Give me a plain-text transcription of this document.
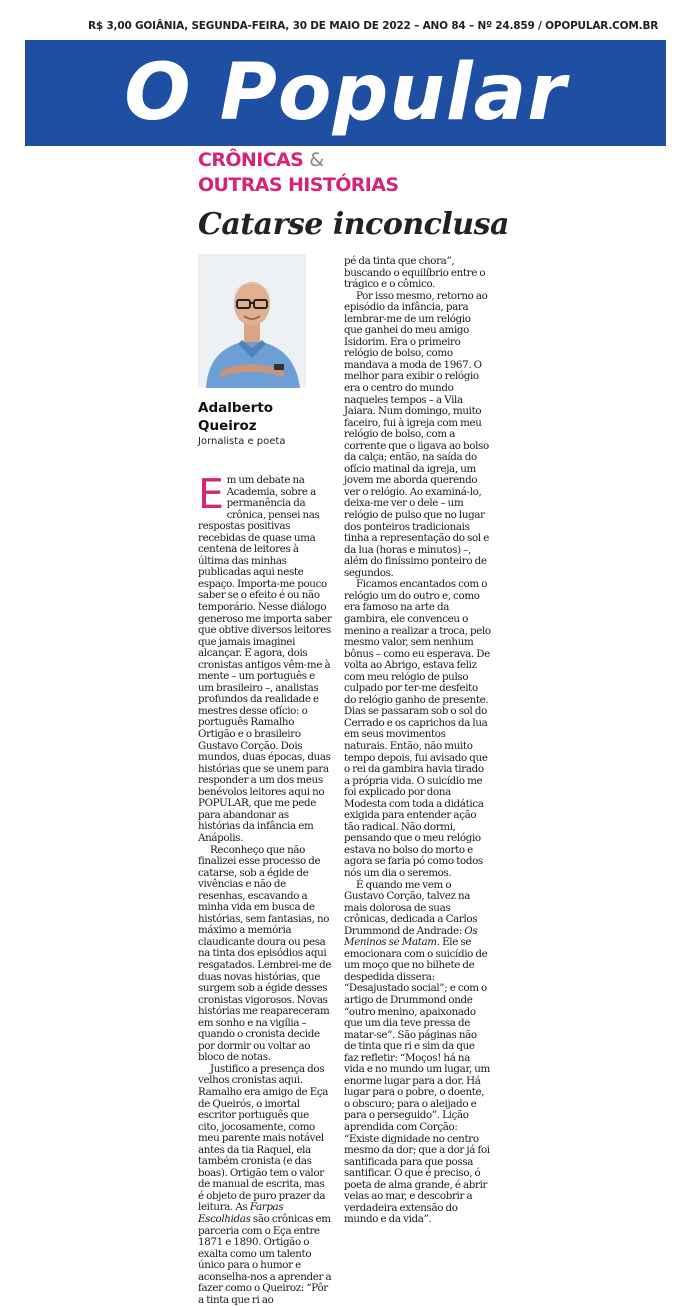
R$ 3,00 GOIÂNIA, SEGUNDA-FEIRA, 30 DE MAIO DE 2022 – ANO 84 – Nº 24.859 / OPOPULAR.COM.BR
O Popular
CRÔNICAS &
OUTRAS HISTÓRIAS
Catarse inconclusa
Adalberto
Queiroz
Jornalista e poeta

Em um debate na Academia, sobre a permanência da crônica, pensei nas respostas positivas recebidas de quase uma centena de leitores à última das minhas publicadas aqui neste espaço. Importa-me pouco saber se o efeito é ou não temporário. Nesse diálogo generoso me importa saber que obtive diversos leitores que jamais imaginei alcançar. E agora, dois cronistas antigos vêm-me à mente – um português e um brasileiro –, analistas profundos da realidade e mestres desse ofício: o português Ramalho Ortigão e o brasileiro Gustavo Corção. Dois mundos, duas épocas, duas histórias que se unem para responder a um dos meus benévolos leitores aqui no POPULAR, que me pede para abandonar as histórias da infância em Anápolis.

Reconheço que não finalizei esse processo de catarse, sob a égide de vivências e não de resenhas, escavando a minha vida em busca de histórias, sem fantasias, no máximo a memória claudicante doura ou pesa na tinta dos episódios aqui resgatados. Lembrei-me de duas novas histórias, que surgem sob a égide desses cronistas vigorosos. Novas histórias me reapareceram em sonho e na vigília – quando o cronista decide por dormir ou voltar ao bloco de notas.

Justifico a presença dos velhos cronistas aqui. Ramalho era amigo de Eça de Queirós, o imortal escritor português que cito, jocosamente, como meu parente mais notável antes da tia Raquel, ela também cronista (e das boas). Ortigão tem o valor de manual de escrita, mas é objeto de puro prazer da leitura. As Farpas Escolhidas são crônicas em parceria com o Eça entre 1871 e 1890. Ortigão o exalta como um talento único para o humor e aconselha-nos a aprender a fazer como o Queiroz: “Pôr a tinta que ri ao

pé da tinta que chora”, buscando o equilíbrio entre o trágico e o cômico.

Por isso mesmo, retorno ao episódio da infância, para lembrar-me de um relógio que ganhei do meu amigo Isidorim. Era o primeiro relógio de bolso, como mandava a moda de 1967. O melhor para exibir o relógio era o centro do mundo naqueles tempos – a Vila Jaiara. Num domingo, muito faceiro, fui à igreja com meu relógio de bolso, com a corrente que o ligava ao bolso da calça; então, na saída do ofício matinal da igreja, um jovem me aborda querendo ver o relógio. Ao examiná-lo, deixa-me ver o dele – um relógio de pulso que no lugar dos ponteiros tradicionais tinha a representação do sol e da lua (horas e minutos) –, além do finíssimo ponteiro de segundos.

Ficamos encantados com o relógio um do outro e, como era famoso na arte da gambira, ele convenceu o menino a realizar a troca, pelo mesmo valor, sem nenhum bônus – como eu esperava. De volta ao Abrigo, estava feliz com meu relógio de pulso culpado por ter-me desfeito do relógio ganho de presente. Dias se passaram sob o sol do Cerrado e os caprichos da lua em seus movimentos naturais. Então, não muito tempo depois, fui avisado que o rei da gambira havia tirado a própria vida. O suicídio me foi explicado por dona Modesta com toda a didática exigida para entender ação tão radical. Não dormi, pensando que o meu relógio estava no bolso do morto e agora se faria pó como todos nós um dia o seremos.

É quando me vem o Gustavo Corção, talvez na mais dolorosa de suas crônicas, dedicada a Carlos Drummond de Andrade: Os Meninos se Matam. Ele se emocionara com o suicídio de um moço que no bilhete de despedida dissera: “Desajustado social”; e com o artigo de Drummond onde “outro menino, apaixonado que um dia teve pressa de matar-se”. São páginas não de tinta que ri e sim da que faz refletir: “Moços! há na vida e no mundo um lugar, um enorme lugar para a dor. Há lugar para o pobre, o doente, o obscuro; para o aleijado e para o perseguido”. Lição aprendida com Corção: “Existe dignidade no centro mesmo da dor; que a dor já foi santificada para que possa santificar. O que é preciso, ó poeta de alma grande, é abrir velas ao mar, e descobrir a verdadeira extensão do mundo e da vida”.
